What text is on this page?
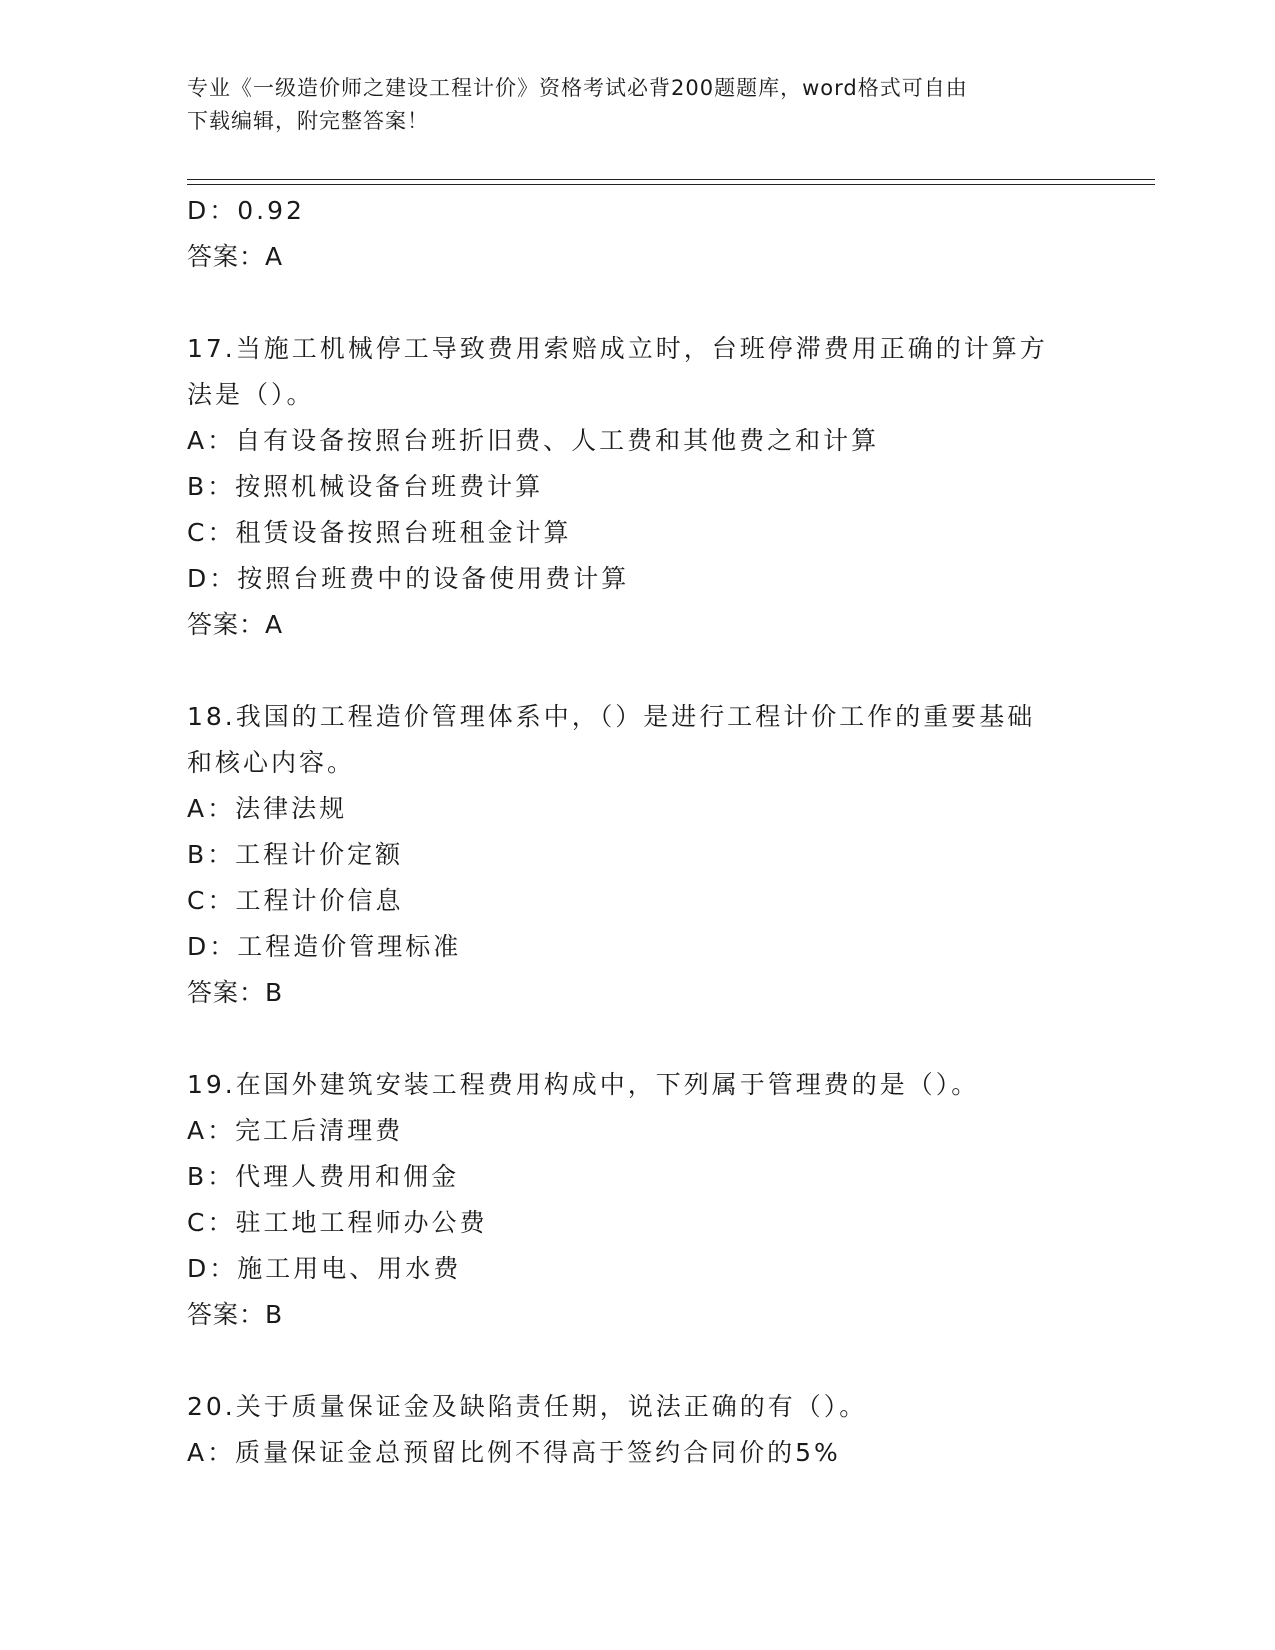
专业《一级造价师之建设工程计价》资格考试必背200题题库，word格式可自由
下载编辑，附完整答案！
D：0.92
答案：A
17.当施工机械停工导致费用索赔成立时，台班停滞费用正确的计算方
法是（）。
A：自有设备按照台班折旧费、人工费和其他费之和计算
B：按照机械设备台班费计算
C：租赁设备按照台班租金计算
D：按照台班费中的设备使用费计算
答案：A
18.我国的工程造价管理体系中，（）是进行工程计价工作的重要基础
和核心内容。
A：法律法规
B：工程计价定额
C：工程计价信息
D：工程造价管理标准
答案：B
19.在国外建筑安装工程费用构成中，下列属于管理费的是（）。
A：完工后清理费
B：代理人费用和佣金
C：驻工地工程师办公费
D：施工用电、用水费
答案：B
20.关于质量保证金及缺陷责任期，说法正确的有（）。
A：质量保证金总预留比例不得高于签约合同价的5%
